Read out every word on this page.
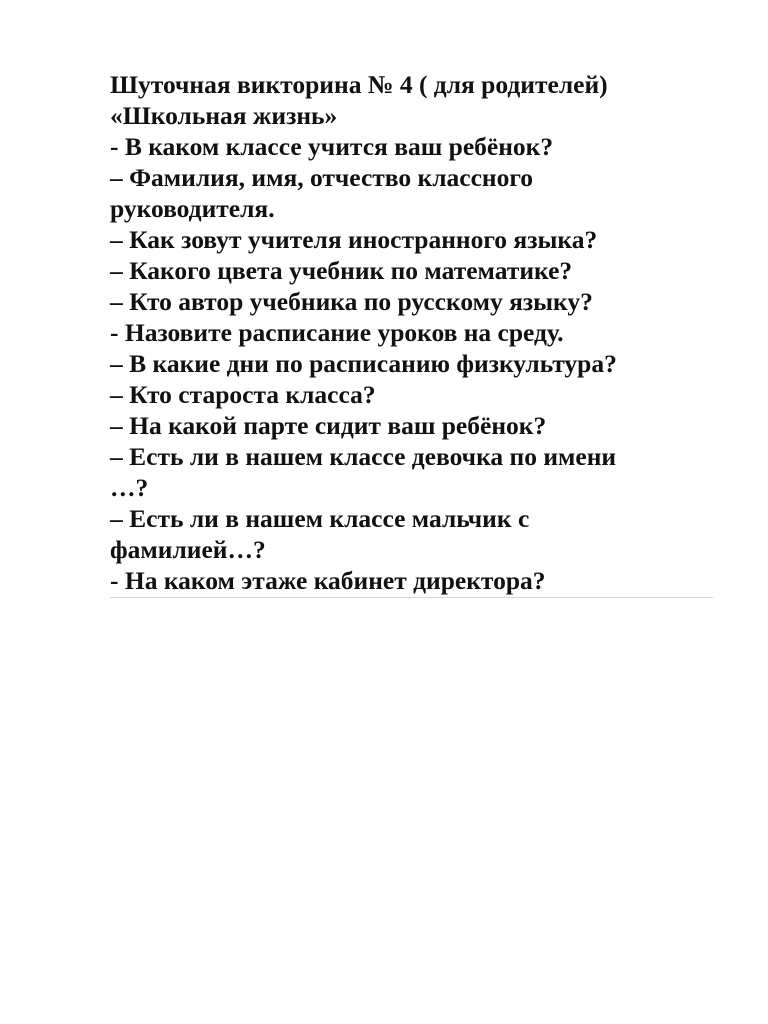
Шуточная викторина № 4 ( для родителей)
«Школьная жизнь»
- В каком классе учится ваш ребёнок?
– Фамилия, имя, отчество классного
руководителя.
– Как зовут учителя иностранного языка?
– Какого цвета учебник по математике?
– Кто автор учебника по русскому языку?
- Назовите расписание уроков на среду.
– В какие дни по расписанию физкультура?
– Кто староста класса?
– На какой парте сидит ваш ребёнок?
– Есть ли в нашем классе девочка по имени
…?
– Есть ли в нашем классе мальчик с
фамилией…?
- На каком этаже кабинет директора?
